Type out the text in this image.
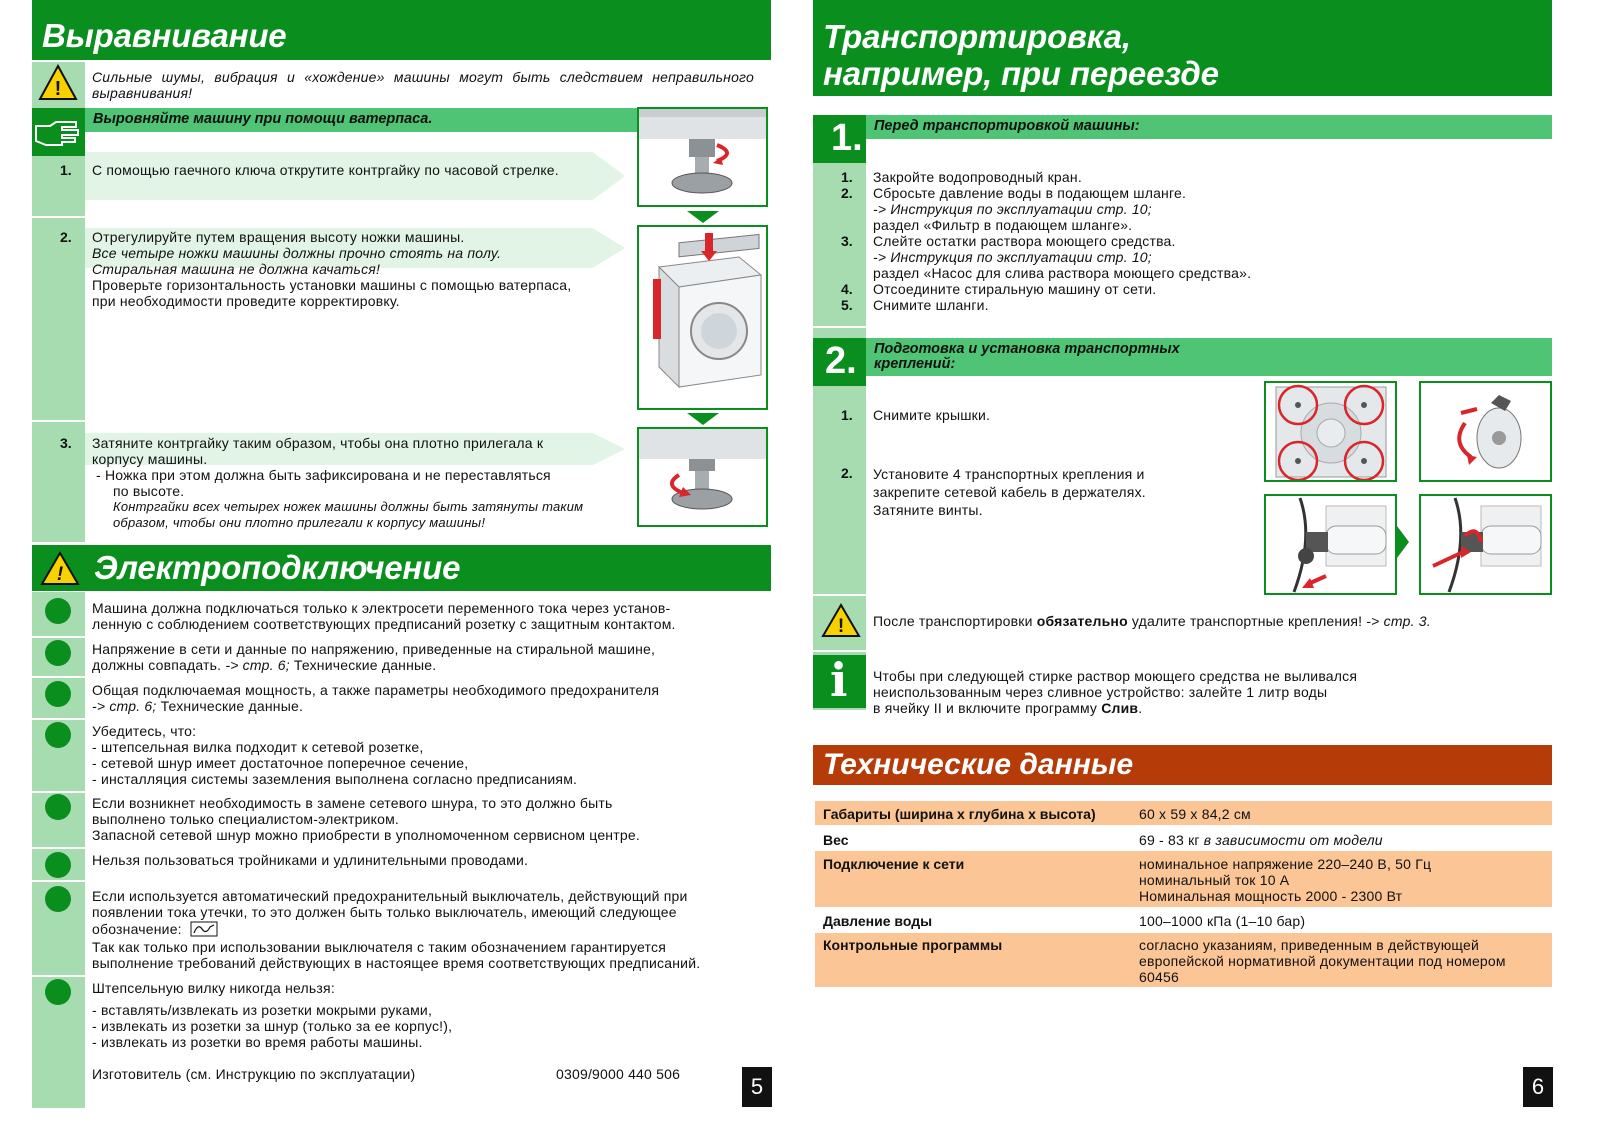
Выравнивание
!
Сильные шумы, вибрация и «хождение» машины могут быть следствием неправильного выравнивания!
Выровняйте машину при помощи ватерпаса.
1. С помощью гаечного ключа открутите контргайку по часовой стрелке.
2. Отрегулируйте путем вращения высоту ножки машины.
Все четыре ножки машины должны прочно стоять на полу.
Стиральная машина не должна качаться!
Проверьте горизонтальность установки машины с помощью ватерпаса,
при необходимости проведите корректировку.
3. Затяните контргайку таким образом, чтобы она плотно прилегала к
корпусу машины.
- Ножка при этом должна быть зафиксирована и не переставляться
по высоте.
Контргайки всех четырех ножек машины должны быть затянуты таким
образом, чтобы они плотно прилегали к корпусу машины!
! Электроподключение
Машина должна подключаться только к электросети переменного тока через установ-
ленную с соблюдением соответствующих предписаний розетку с защитным контактом.
Напряжение в сети и данные по напряжению, приведенные на стиральной машине,
должны совпадать. -> стр. 6; Технические данные.
Общая подключаемая мощность, а также параметры необходимого предохранителя
-> стр. 6; Технические данные.
Убедитесь, что:
- штепсельная вилка подходит к сетевой розетке,
- сетевой шнур имеет достаточное поперечное сечение,
- инсталляция системы заземления выполнена согласно предписаниям.
Если возникнет необходимость в замене сетевого шнура, то это должно быть
выполнено только специалистом-электриком.
Запасной сетевой шнур можно приобрести в уполномоченном сервисном центре.
Нельзя пользоваться тройниками и удлинительными проводами.
Если используется автоматический предохранительный выключатель, действующий при
появлении тока утечки, то это должен быть только выключатель, имеющий следующее
обозначение:
Так как только при использовании выключателя с таким обозначением гарантируется
выполнение требований действующих в настоящее время соответствующих предписаний.
Штепсельную вилку никогда нельзя:
- вставлять/извлекать из розетки мокрыми руками,
- извлекать из розетки за шнур (только за ее корпус!),
- извлекать из розетки во время работы машины.
Изготовитель (см. Инструкцию по эксплуатации)	0309/9000 440 506	5
Транспортировка,
например, при переезде
1. Перед транспортировкой машины:
1. Закройте водопроводный кран.
2. Сбросьте давление воды в подающем шланге.
-> Инструкция по эксплуатации стр. 10;
раздел «Фильтр в подающем шланге».
3. Слейте остатки раствора моющего средства.
-> Инструкция по эксплуатации стр. 10;
раздел «Насос для слива раствора моющего средства».
4. Отсоедините стиральную машину от сети.
5. Снимите шланги.
2. Подготовка и установка транспортных
креплений:
1. Снимите крышки.
2. Установите 4 транспортных крепления и
закрепите сетевой кабель в держателях.
Затяните винты.
! После транспортировки обязательно удалите транспортные крепления! -> стр. 3.
i Чтобы при следующей стирке раствор моющего средства не выливался
неиспользованным через сливное устройство: залейте 1 литр воды
в ячейку II и включите программу Слив.
Технические данные
Габариты (ширина x глубина x высота)	60 x 59 x 84,2 см
Вес	69 - 83 кг в зависимости от модели
Подключение к сети	номинальное напряжение 220–240 В, 50 Гц
номинальный ток 10 А
Номинальная мощность 2000 - 2300 Вт
Давление воды	100–1000 кПа (1–10 бар)
Контрольные программы	согласно указаниям, приведенным в действующей
европейской нормативной документации под номером
60456
6
